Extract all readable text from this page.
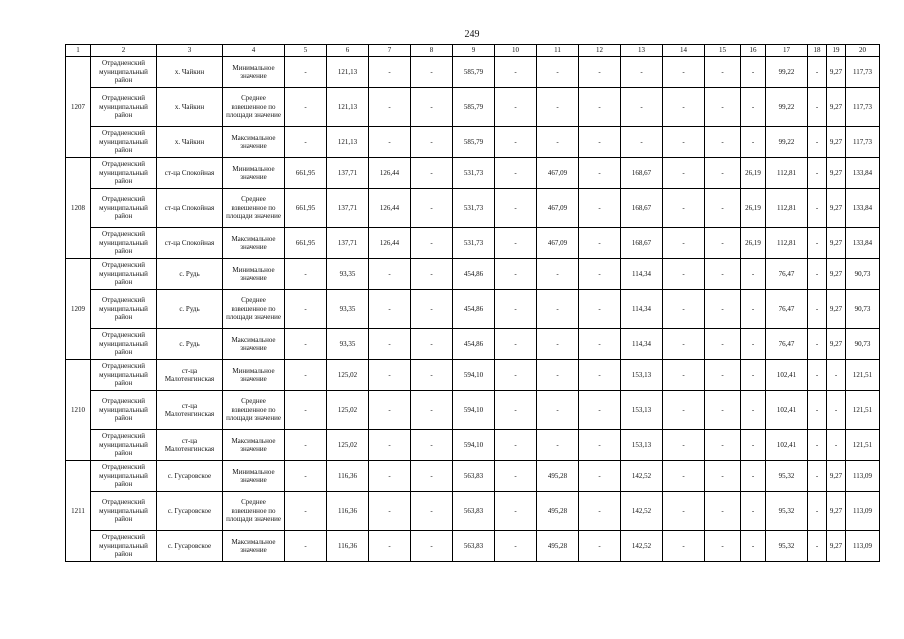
249
1	2	3	4	5	6	7	8	9	10	11	12	13	14	15	16	17	18	19	20
1207	Отрадненский муниципальный район	х. Чайкин	Минимальное значение	-	121,13	-	-	585,79	-	-	-	-	-	-	-	99,22	-	9,27	117,73
	Отрадненский муниципальный район	х. Чайкин	Среднее взвешенное по площади значение	-	121,13	-	-	585,79	-	-	-	-	-	-	-	99,22	-	9,27	117,73
	Отрадненский муниципальный район	х. Чайкин	Максимальное значение	-	121,13	-	-	585,79	-	-	-	-	-	-	-	99,22	-	9,27	117,73
1208	Отрадненский муниципальный район	ст-ца Спокойная	Минимальное значение	661,95	137,71	126,44	-	531,73	-	467,09	-	168,67	-	-	26,19	112,81	-	9,27	133,84
	Отрадненский муниципальный район	ст-ца Спокойная	Среднее взвешенное по площади значение	661,95	137,71	126,44	-	531,73	-	467,09	-	168,67	-	-	26,19	112,81	-	9,27	133,84
	Отрадненский муниципальный район	ст-ца Спокойная	Максимальное значение	661,95	137,71	126,44	-	531,73	-	467,09	-	168,67	-	-	26,19	112,81	-	9,27	133,84
1209	Отрадненский муниципальный район	с. Рудь	Минимальное значение	-	93,35	-	-	454,86	-	-	-	114,34	-	-	-	76,47	-	9,27	90,73
	Отрадненский муниципальный район	с. Рудь	Среднее взвешенное по площади значение	-	93,35	-	-	454,86	-	-	-	114,34	-	-	-	76,47	-	9,27	90,73
	Отрадненский муниципальный район	с. Рудь	Максимальное значение	-	93,35	-	-	454,86	-	-	-	114,34	-	-	-	76,47	-	9,27	90,73
1210	Отрадненский муниципальный район	ст-ца Малотенгинская	Минимальное значение	-	125,02	-	-	594,10	-	-	-	153,13	-	-	-	102,41	-	-	121,51
	Отрадненский муниципальный район	ст-ца Малотенгинская	Среднее взвешенное по площади значение	-	125,02	-	-	594,10	-	-	-	153,13	-	-	-	102,41	-	-	121,51
	Отрадненский муниципальный район	ст-ца Малотенгинская	Максимальное значение	-	125,02	-	-	594,10	-	-	-	153,13	-	-	-	102,41	-	-	121,51
1211	Отрадненский муниципальный район	с. Гусаровское	Минимальное значение	-	116,36	-	-	563,83	-	495,28	-	142,52	-	-	-	95,32	-	9,27	113,09
	Отрадненский муниципальный район	с. Гусаровское	Среднее взвешенное по площади значение	-	116,36	-	-	563,83	-	495,28	-	142,52	-	-	-	95,32	-	9,27	113,09
	Отрадненский муниципальный район	с. Гусаровское	Максимальное значение	-	116,36	-	-	563,83	-	495,28	-	142,52	-	-	-	95,32	-	9,27	113,09
